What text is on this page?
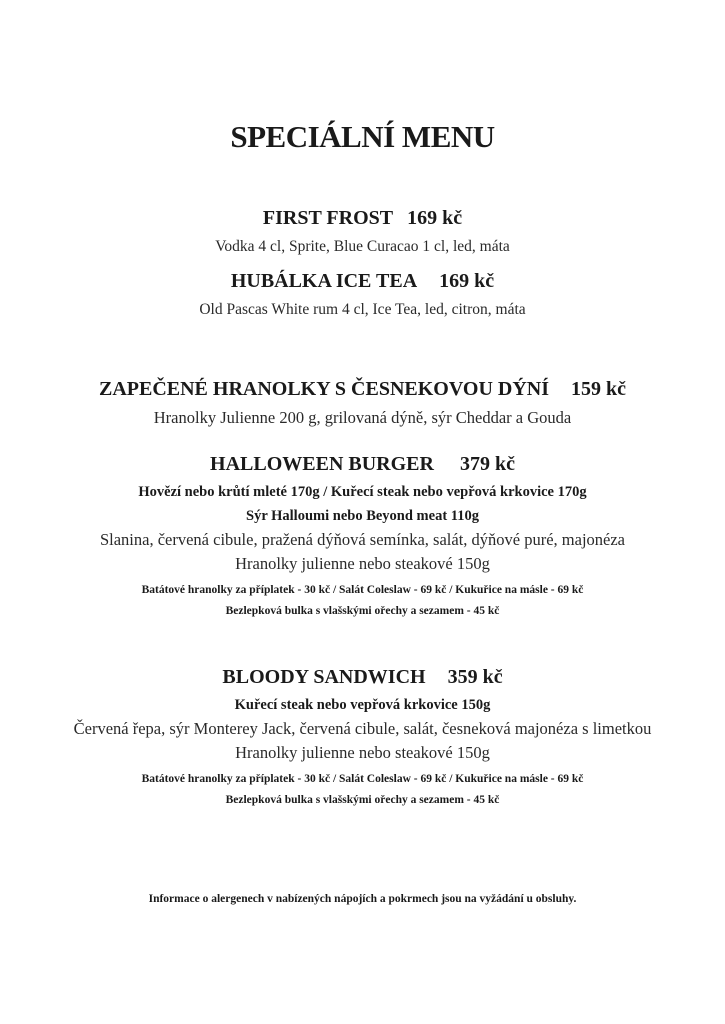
SPECIÁLNÍ MENU
FIRST FROST 169 kč
Vodka 4 cl, Sprite, Blue Curacao 1 cl, led, máta
HUBÁLKA ICE TEA 169 kč
Old Pascas White rum 4 cl, Ice Tea, led, citron, máta
ZAPEČENÉ HRANOLKY S ČESNEKOVOU DÝNÍ 159 kč
Hranolky Julienne 200 g, grilovaná dýně, sýr Cheddar a Gouda
HALLOWEEN BURGER 379 kč
Hovězí nebo krůtí mleté 170g / Kuřecí steak nebo vepřová krkovice 170g
Sýr Halloumi nebo Beyond meat 110g
Slanina, červená cibule, pražená dýňová semínka, salát, dýňové puré, majonéza
Hranolky julienne nebo steakové 150g
Batátové hranolky za příplatek - 30 kč / Salát Coleslaw - 69 kč / Kukuřice na másle - 69 kč
Bezlepková bulka s vlašskými ořechy a sezamem - 45 kč
BLOODY SANDWICH 359 kč
Kuřecí steak nebo vepřová krkovice 150g
Červená řepa, sýr Monterey Jack, červená cibule, salát, česneková majonéza s limetkou
Hranolky julienne nebo steakové 150g
Batátové hranolky za příplatek - 30 kč / Salát Coleslaw - 69 kč / Kukuřice na másle - 69 kč
Bezlepková bulka s vlašskými ořechy a sezamem - 45 kč
Informace o alergenech v nabízených nápojích a pokrmech jsou na vyžádání u obsluhy.
